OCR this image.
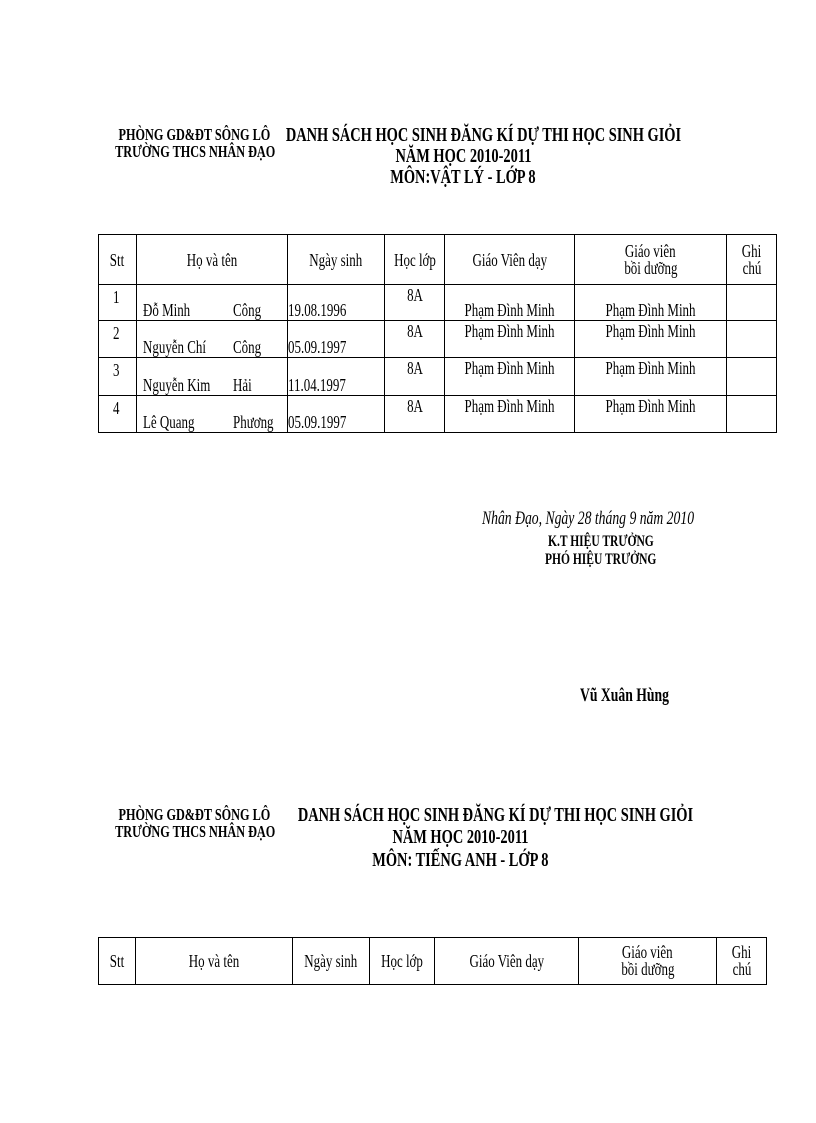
PHÒNG GD&ĐT SÔNG LÔ
TRƯỜNG THCS NHÂN ĐẠO
DANH SÁCH HỌC SINH ĐĂNG KÍ DỰ THI HỌC SINH GIỎI
NĂM HỌC 2010-2011
MÔN:VẬT LÝ - LỚP 8
Stt	Họ và tên		Ngày sinh	Học lớp	Giáo Viên dạy	Giáo viên
bồi dưỡng	Ghi
chú
1	Đỗ Minh	Công	19.08.1996	8A	Phạm Đình Minh	Phạm Đình Minh	
2	Nguyễn Chí	Công	05.09.1997	8A	Phạm Đình Minh	Phạm Đình Minh	
3	Nguyễn Kim	Hải	11.04.1997	8A	Phạm Đình Minh	Phạm Đình Minh	
4	Lê Quang	Phương	05.09.1997	8A	Phạm Đình Minh	Phạm Đình Minh	
Nhân Đạo, Ngày 28 tháng 9 năm 2010
K.T HIỆU TRƯỞNG
PHÓ HIỆU TRƯỞNG
Vũ Xuân Hùng
PHÒNG GD&ĐT SÔNG LÔ
TRƯỜNG THCS NHÂN ĐẠO
DANH SÁCH HỌC SINH ĐĂNG KÍ DỰ THI HỌC SINH GIỎI
NĂM HỌC 2010-2011
MÔN: TIẾNG ANH - LỚP 8
Stt	Họ và tên	Ngày sinh	Học lớp	Giáo Viên dạy	Giáo viên
bồi dưỡng	Ghi
chú
